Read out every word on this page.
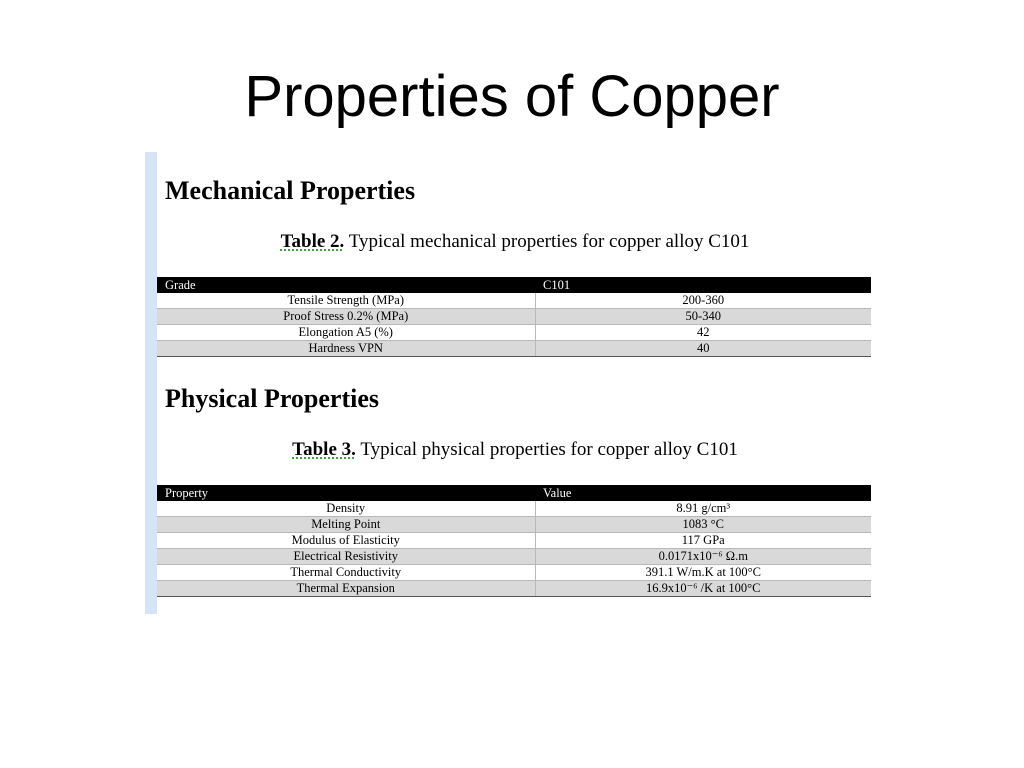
Properties of Copper
Mechanical Properties
Table 2. Typical mechanical properties for copper alloy C101
Grade	C101
Tensile Strength (MPa)	200-360
Proof Stress 0.2% (MPa)	50-340
Elongation A5 (%)	42
Hardness VPN	40
Physical Properties
Table 3. Typical physical properties for copper alloy C101
Property	Value
Density	8.91 g/cm³
Melting Point	1083 °C
Modulus of Elasticity	117 GPa
Electrical Resistivity	0.0171x10⁻⁶ Ω.m
Thermal Conductivity	391.1 W/m.K at 100°C
Thermal Expansion	16.9x10⁻⁶ /K at 100°C
